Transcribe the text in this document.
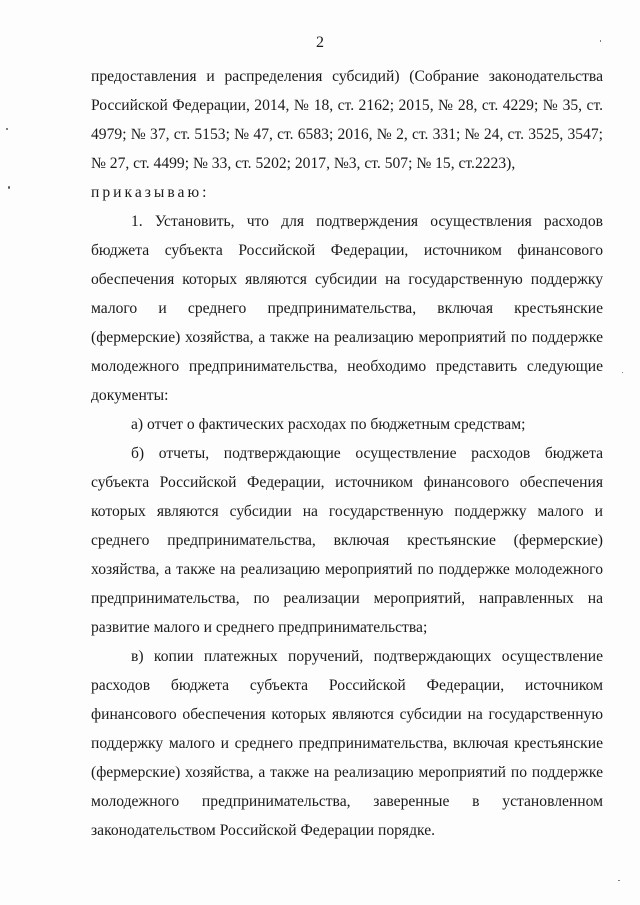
2

предоставления и распределения субсидий) (Собрание законодательства Российской Федерации, 2014, № 18, ст. 2162; 2015, № 28, ст. 4229; № 35, ст. 4979; № 37, ст. 5153; № 47, ст. 6583; 2016, № 2, ст. 331; № 24, ст. 3525, 3547; № 27, ст. 4499; № 33, ст. 5202; 2017, №3, ст. 507; № 15, ст.2223),

приказываю:

1. Установить, что для подтверждения осуществления расходов бюджета субъекта Российской Федерации, источником финансового обеспечения которых являются субсидии на государственную поддержку малого и среднего предпринимательства, включая крестьянские (фермерские) хозяйства, а также на реализацию мероприятий по поддержке молодежного предпринимательства, необходимо представить следующие документы:

а) отчет о фактических расходах по бюджетным средствам;

б) отчеты, подтверждающие осуществление расходов бюджета субъекта Российской Федерации, источником финансового обеспечения которых являются субсидии на государственную поддержку малого и среднего предпринимательства, включая крестьянские (фермерские) хозяйства, а также на реализацию мероприятий по поддержке молодежного предпринимательства, по реализации мероприятий, направленных на развитие малого и среднего предпринимательства;

в) копии платежных поручений, подтверждающих осуществление расходов бюджета субъекта Российской Федерации, источником финансового обеспечения которых являются субсидии на государственную поддержку малого и среднего предпринимательства, включая крестьянские (фермерские) хозяйства, а также на реализацию мероприятий по поддержке молодежного предпринимательства, заверенные в установленном законодательством Российской Федерации порядке.
